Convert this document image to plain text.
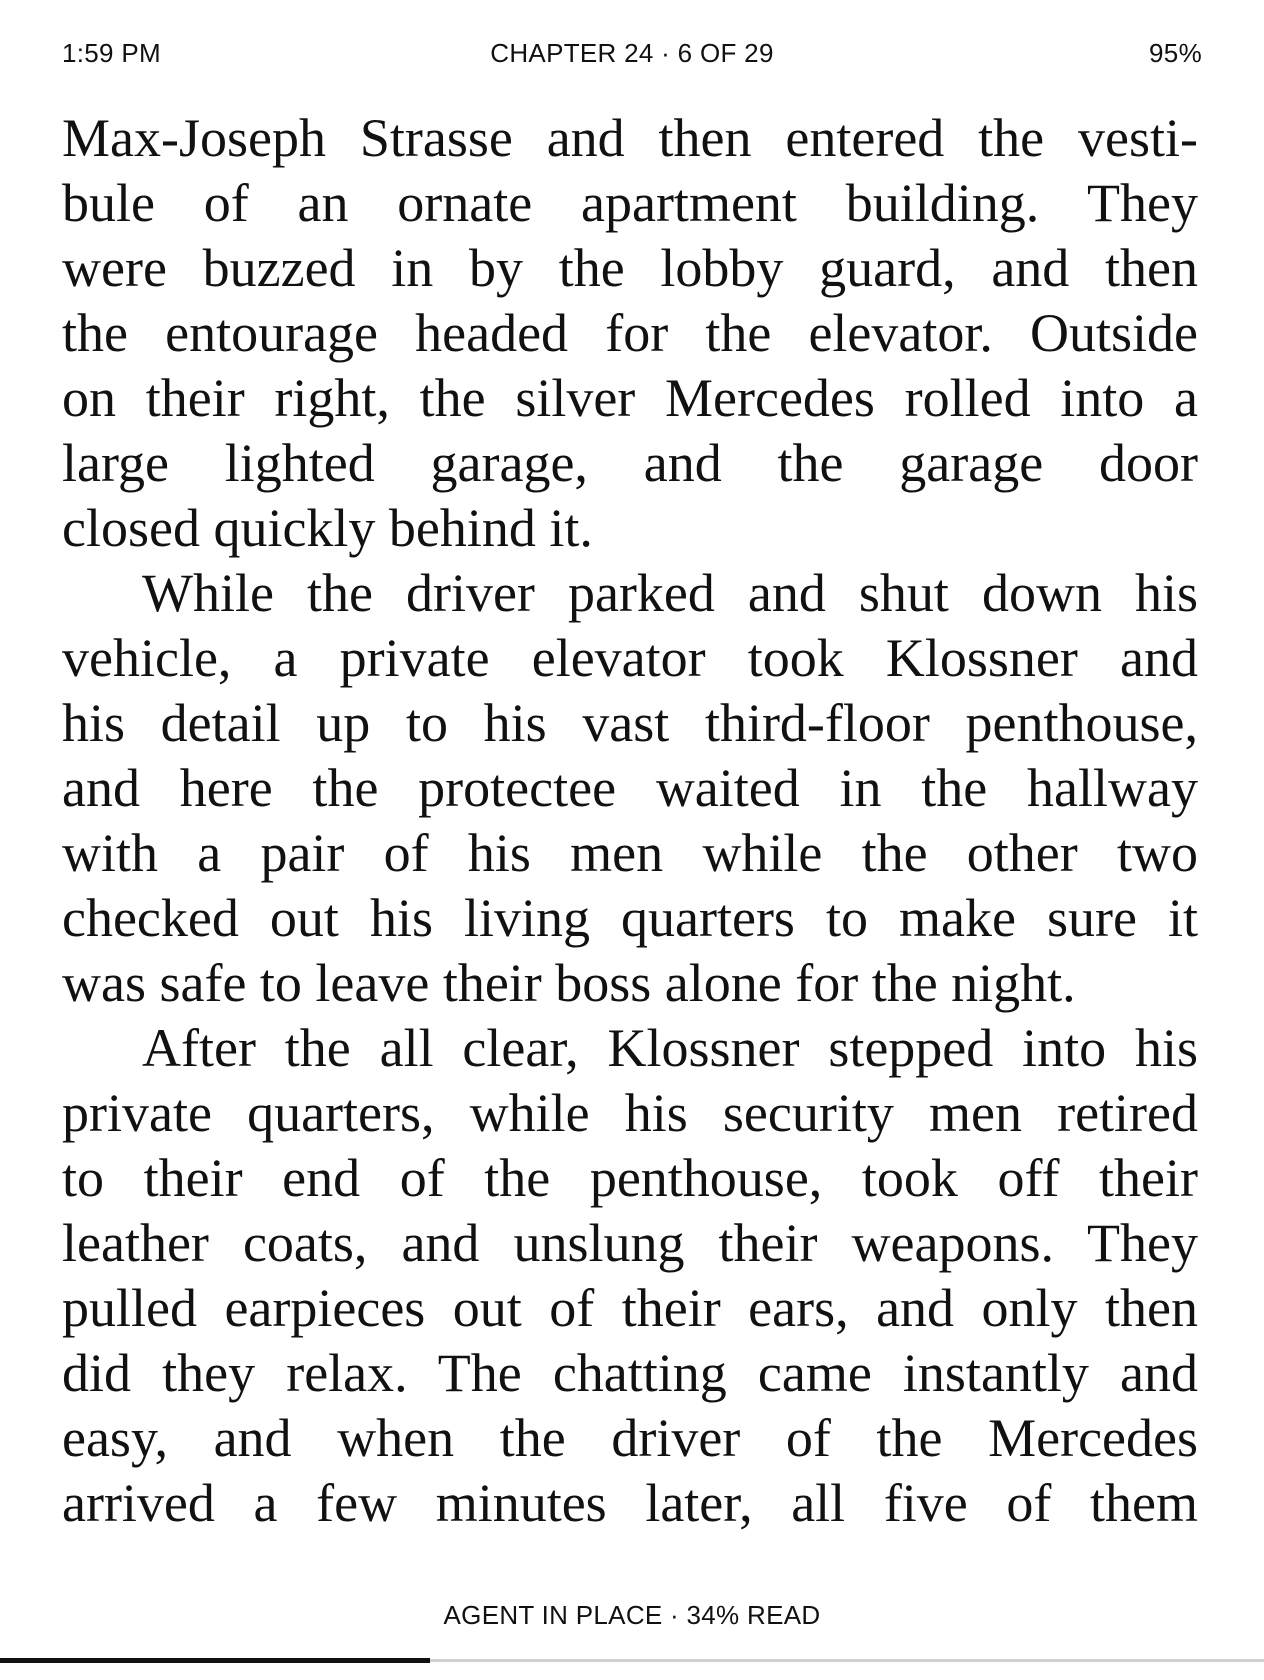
1:59 PM	CHAPTER 24 · 6 OF 29	95%
Max-Joseph Strasse and then entered the vesti-
bule of an ornate apartment building. They
were buzzed in by the lobby guard, and then
the entourage headed for the elevator. Outside
on their right, the silver Mercedes rolled into a
large lighted garage, and the garage door
closed quickly behind it.
While the driver parked and shut down his
vehicle, a private elevator took Klossner and
his detail up to his vast third-floor penthouse,
and here the protectee waited in the hallway
with a pair of his men while the other two
checked out his living quarters to make sure it
was safe to leave their boss alone for the night.
After the all clear, Klossner stepped into his
private quarters, while his security men retired
to their end of the penthouse, took off their
leather coats, and unslung their weapons. They
pulled earpieces out of their ears, and only then
did they relax. The chatting came instantly and
easy, and when the driver of the Mercedes
arrived a few minutes later, all five of them
AGENT IN PLACE · 34% READ
